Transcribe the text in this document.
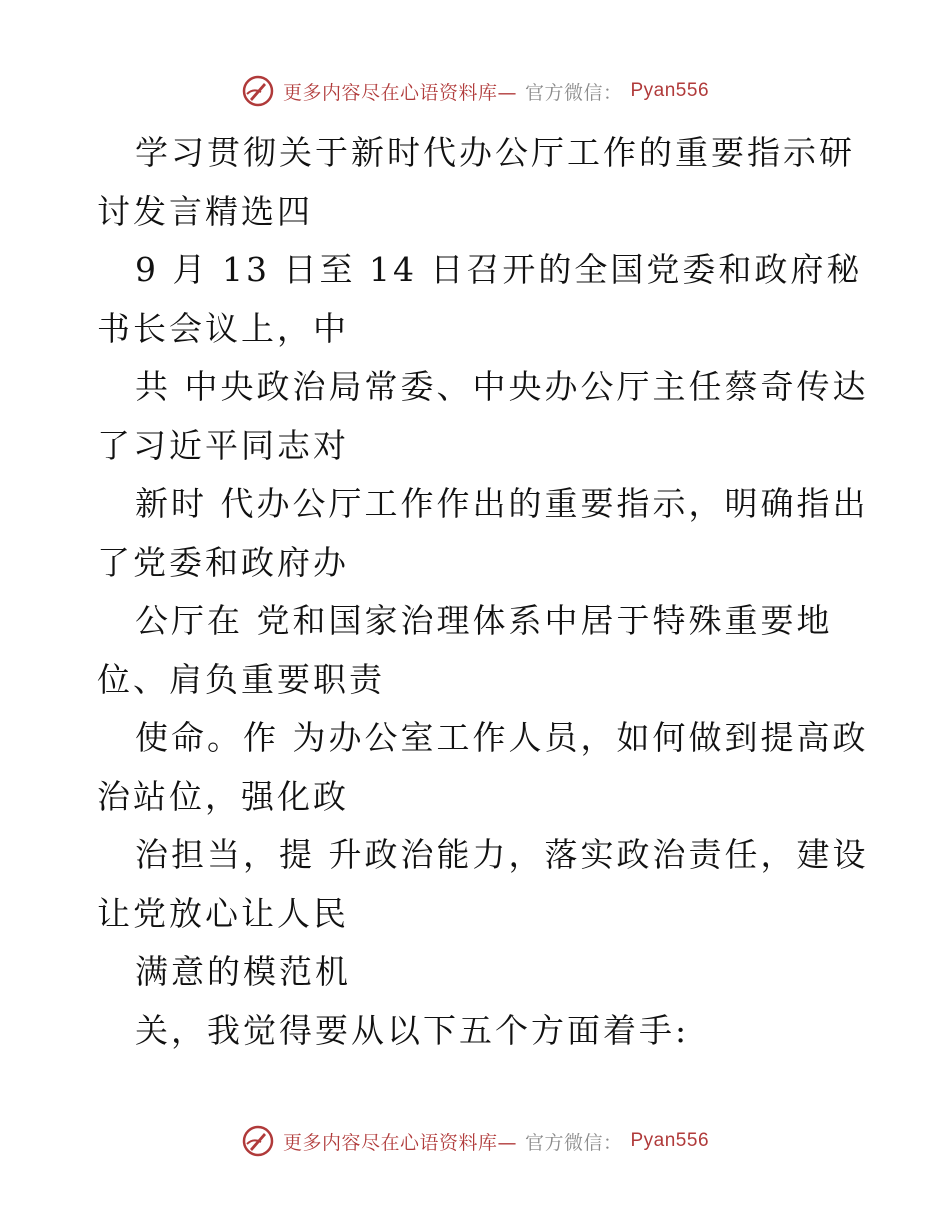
更多内容尽在心语资料库— 官方微信： Pyan556

学习贯彻关于新时代办公厅工作的重要指示研讨发言精选四

9 月 13 日至 14 日召开的全国党委和政府秘书长会议上，中

共 中央政治局常委、中央办公厅主任蔡奇传达了习近平同志对

新时 代办公厅工作作出的重要指示，明确指出了党委和政府办

公厅在 党和国家治理体系中居于特殊重要地位、肩负重要职责

使命。作 为办公室工作人员，如何做到提高政治站位，强化政

治担当，提 升政治能力，落实政治责任，建设让党放心让人民

满意的模范机

关，我觉得要从以下五个方面着手:

更多内容尽在心语资料库— 官方微信： Pyan556
